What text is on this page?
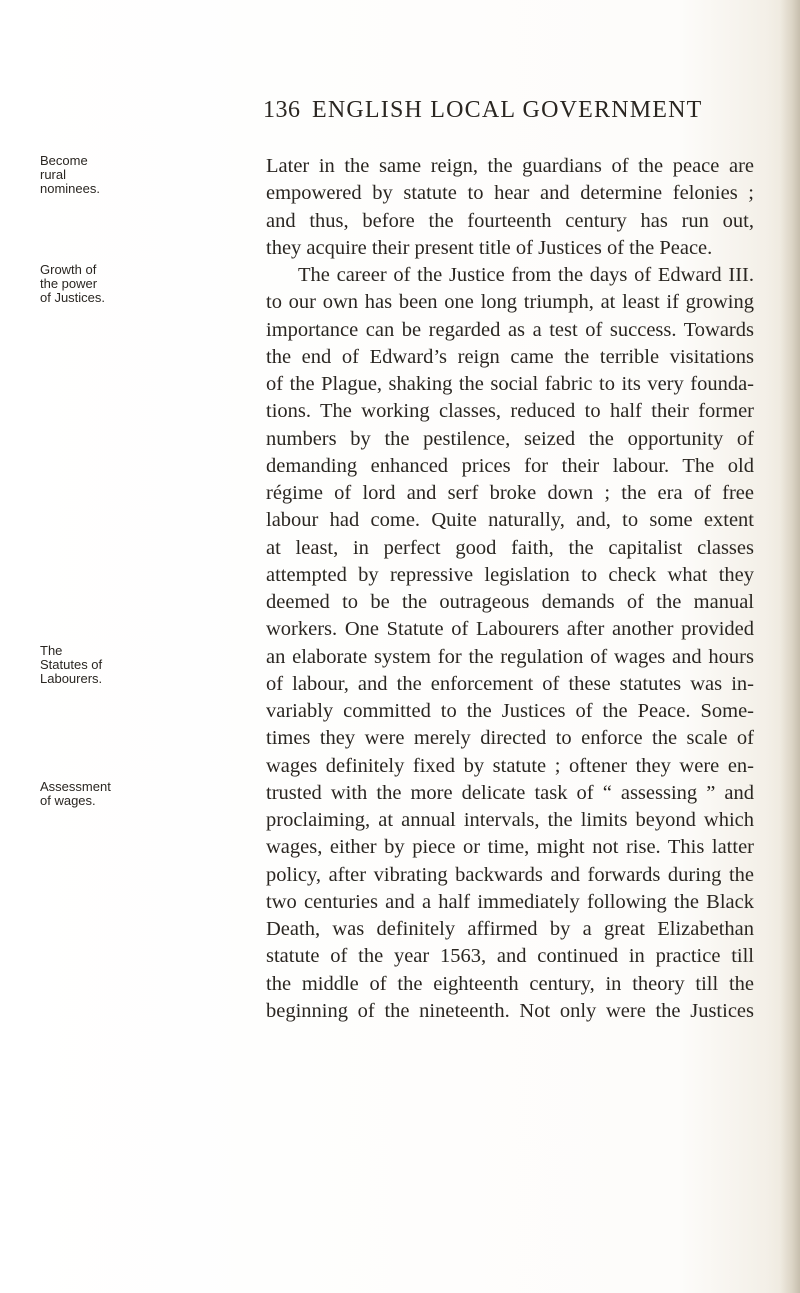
136 ENGLISH LOCAL GOVERNMENT
Become
rural
nominees.
Growth of
the power
of Justices.
The
Statutes of
Labourers.
Assessment
of wages.
Later in the same reign, the guardians of the peace are
empowered by statute to hear and determine felonies ;
and thus, before the fourteenth century has run out,
they acquire their present title of Justices of the Peace.
The career of the Justice from the days of Edward III.
to our own has been one long triumph, at least if growing
importance can be regarded as a test of success. Towards
the end of Edward’s reign came the terrible visitations
of the Plague, shaking the social fabric to its very founda-
tions. The working classes, reduced to half their former
numbers by the pestilence, seized the opportunity of
demanding enhanced prices for their labour. The old
régime of lord and serf broke down ; the era of free
labour had come. Quite naturally, and, to some extent
at least, in perfect good faith, the capitalist classes
attempted by repressive legislation to check what they
deemed to be the outrageous demands of the manual
workers. One Statute of Labourers after another provided
an elaborate system for the regulation of wages and hours
of labour, and the enforcement of these statutes was in-
variably committed to the Justices of the Peace. Some-
times they were merely directed to enforce the scale of
wages definitely fixed by statute ; oftener they were en-
trusted with the more delicate task of “ assessing ” and
proclaiming, at annual intervals, the limits beyond which
wages, either by piece or time, might not rise. This latter
policy, after vibrating backwards and forwards during the
two centuries and a half immediately following the Black
Death, was definitely affirmed by a great Elizabethan
statute of the year 1563, and continued in practice till
the middle of the eighteenth century, in theory till the
beginning of the nineteenth. Not only were the Justices
